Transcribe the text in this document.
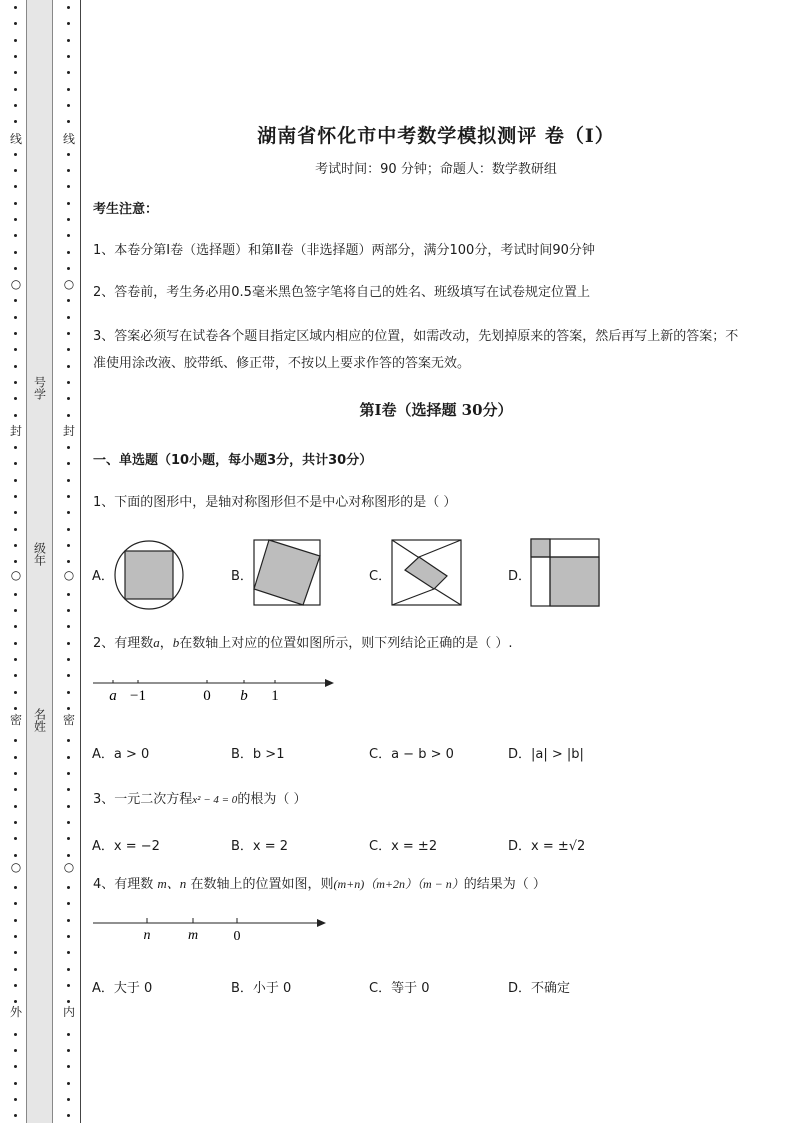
线
○
封
○
密
○
外
线
○
封
○
密
○
内
号学
级年
名姓
湖南省怀化市中考数学模拟测评 卷（Ⅰ）
考试时间：90 分钟；命题人：数学教研组
考生注意：
1、本卷分第Ⅰ卷（选择题）和第Ⅱ卷（非选择题）两部分，满分100分，考试时间90分钟
2、答卷前，考生务必用0.5毫米黑色签字笔将自己的姓名、班级填写在试卷规定位置上
3、答案必须写在试卷各个题目指定区域内相应的位置，如需改动，先划掉原来的答案，然后再写上新的答案；不准使用涂改液、胶带纸、修正带，不按以上要求作答的答案无效。
第Ⅰ卷（选择题 30分）
一、单选题（10小题，每小题3分，共计30分）
1、下面的图形中，是轴对称图形但不是中心对称图形的是（ ）
A．	B．	C．	D．
2、有理数a，b在数轴上对应的位置如图所示，则下列结论正确的是（ ）.
a −1	0 b 1
A．a > 0	B．b >1	C．a − b > 0	D．|a| > |b|
3、一元二次方程x² − 4 = 0的根为（ ）
A．x = −2	B．x = 2	C．x = ±2	D．x = ±√2
4、有理数 m、n 在数轴上的位置如图，则(m+n)（m+2n）（m − n）的结果为（ ）
n	m	0
A．大于 0	B．小于 0	C．等于 0	D．不确定
